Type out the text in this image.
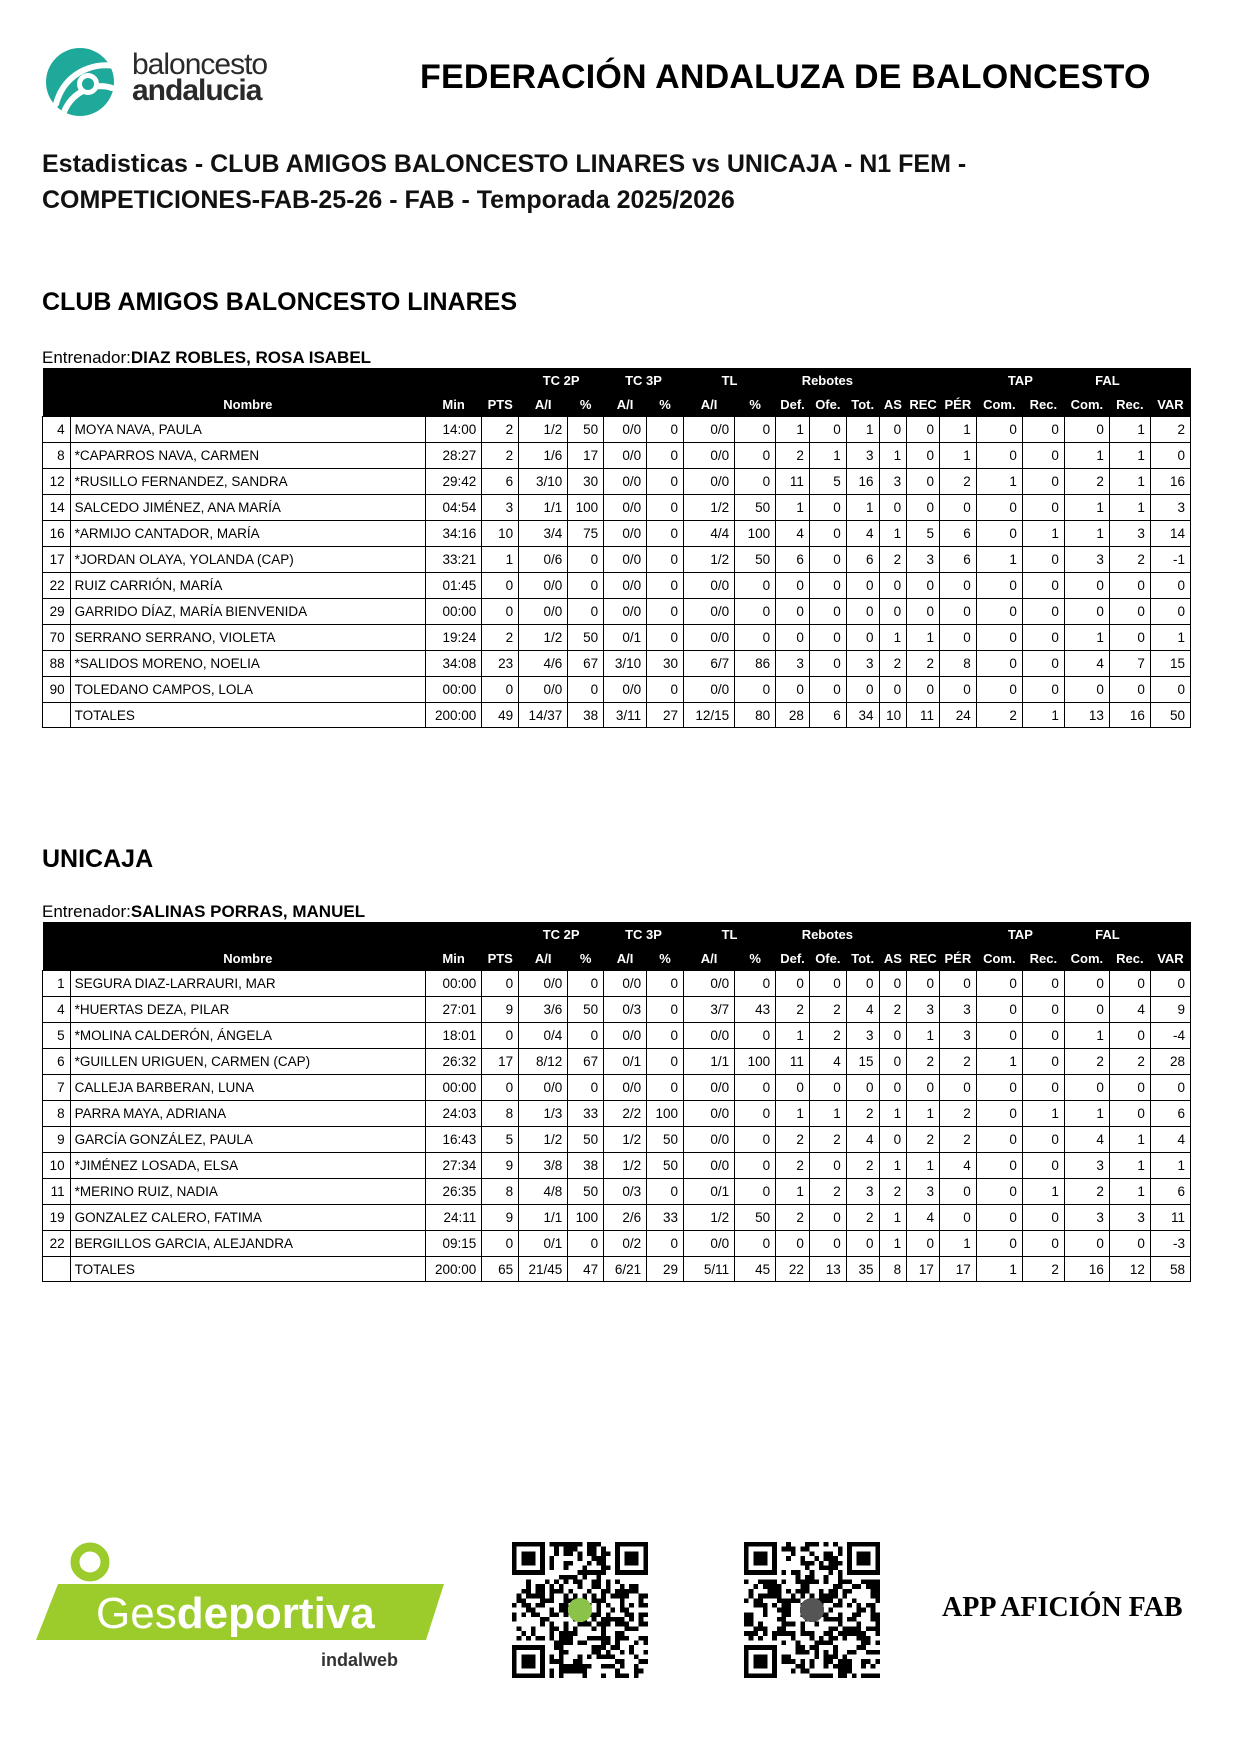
baloncesto
andalucia	FEDERACIÓN ANDALUZA DE BALONCESTO
Estadisticas - CLUB AMIGOS BALONCESTO LINARES vs UNICAJA - N1 FEM - COMPETICIONES-FAB-25-26 - FAB - Temporada 2025/2026
CLUB AMIGOS BALONCESTO LINARES
Entrenador:DIAZ ROBLES, ROSA ISABEL
				TC 2P		TC 3P		TL		Rebotes						TAP		FAL		
	Nombre	Min	PTS	A/I	%	A/I	%	A/I	%	Def.	Ofe.	Tot.	AS	REC	PÉR	Com.	Rec.	Com.	Rec.	VAR
4	MOYA NAVA, PAULA	14:00	2	1/2	50	0/0	0	0/0	0	1	0	1	0	0	1	0	0	0	1	2
8	*CAPARROS NAVA, CARMEN	28:27	2	1/6	17	0/0	0	0/0	0	2	1	3	1	0	1	0	0	1	1	0
12	*RUSILLO FERNANDEZ, SANDRA	29:42	6	3/10	30	0/0	0	0/0	0	11	5	16	3	0	2	1	0	2	1	16
14	SALCEDO JIMÉNEZ, ANA MARÍA	04:54	3	1/1	100	0/0	0	1/2	50	1	0	1	0	0	0	0	0	1	1	3
16	*ARMIJO CANTADOR, MARÍA	34:16	10	3/4	75	0/0	0	4/4	100	4	0	4	1	5	6	0	1	1	3	14
17	*JORDAN OLAYA, YOLANDA (CAP)	33:21	1	0/6	0	0/0	0	1/2	50	6	0	6	2	3	6	1	0	3	2	-1
22	RUIZ CARRIÓN, MARÍA	01:45	0	0/0	0	0/0	0	0/0	0	0	0	0	0	0	0	0	0	0	0	0
29	GARRIDO DÍAZ, MARÍA BIENVENIDA	00:00	0	0/0	0	0/0	0	0/0	0	0	0	0	0	0	0	0	0	0	0	0
70	SERRANO SERRANO, VIOLETA	19:24	2	1/2	50	0/1	0	0/0	0	0	0	0	1	1	0	0	0	1	0	1
88	*SALIDOS MORENO, NOELIA	34:08	23	4/6	67	3/10	30	6/7	86	3	0	3	2	2	8	0	0	4	7	15
90	TOLEDANO CAMPOS, LOLA	00:00	0	0/0	0	0/0	0	0/0	0	0	0	0	0	0	0	0	0	0	0	0
	TOTALES	200:00	49	14/37	38	3/11	27	12/15	80	28	6	34	10	11	24	2	1	13	16	50
UNICAJA
Entrenador:SALINAS PORRAS, MANUEL
				TC 2P		TC 3P		TL		Rebotes						TAP		FAL		
	Nombre	Min	PTS	A/I	%	A/I	%	A/I	%	Def.	Ofe.	Tot.	AS	REC	PÉR	Com.	Rec.	Com.	Rec.	VAR
1	SEGURA DIAZ-LARRAURI, MAR	00:00	0	0/0	0	0/0	0	0/0	0	0	0	0	0	0	0	0	0	0	0	0
4	*HUERTAS DEZA, PILAR	27:01	9	3/6	50	0/3	0	3/7	43	2	2	4	2	3	3	0	0	0	4	9
5	*MOLINA CALDERÓN, ÁNGELA	18:01	0	0/4	0	0/0	0	0/0	0	1	2	3	0	1	3	0	0	1	0	-4
6	*GUILLEN URIGUEN, CARMEN (CAP)	26:32	17	8/12	67	0/1	0	1/1	100	11	4	15	0	2	2	1	0	2	2	28
7	CALLEJA BARBERAN, LUNA	00:00	0	0/0	0	0/0	0	0/0	0	0	0	0	0	0	0	0	0	0	0	0
8	PARRA MAYA, ADRIANA	24:03	8	1/3	33	2/2	100	0/0	0	1	1	2	1	1	2	0	1	1	0	6
9	GARCÍA GONZÁLEZ, PAULA	16:43	5	1/2	50	1/2	50	0/0	0	2	2	4	0	2	2	0	0	4	1	4
10	*JIMÉNEZ LOSADA, ELSA	27:34	9	3/8	38	1/2	50	0/0	0	2	0	2	1	1	4	0	0	3	1	1
11	*MERINO RUIZ, NADIA	26:35	8	4/8	50	0/3	0	0/1	0	1	2	3	2	3	0	0	1	2	1	6
19	GONZALEZ CALERO, FATIMA	24:11	9	1/1	100	2/6	33	1/2	50	2	0	2	1	4	0	0	0	3	3	11
22	BERGILLOS GARCIA, ALEJANDRA	09:15	0	0/1	0	0/2	0	0/0	0	0	0	0	1	0	1	0	0	0	0	-3
	TOTALES	200:00	65	21/45	47	6/21	29	5/11	45	22	13	35	8	17	17	1	2	16	12	58
Gesdeportiva
indalweb
APP AFICIÓN FAB
